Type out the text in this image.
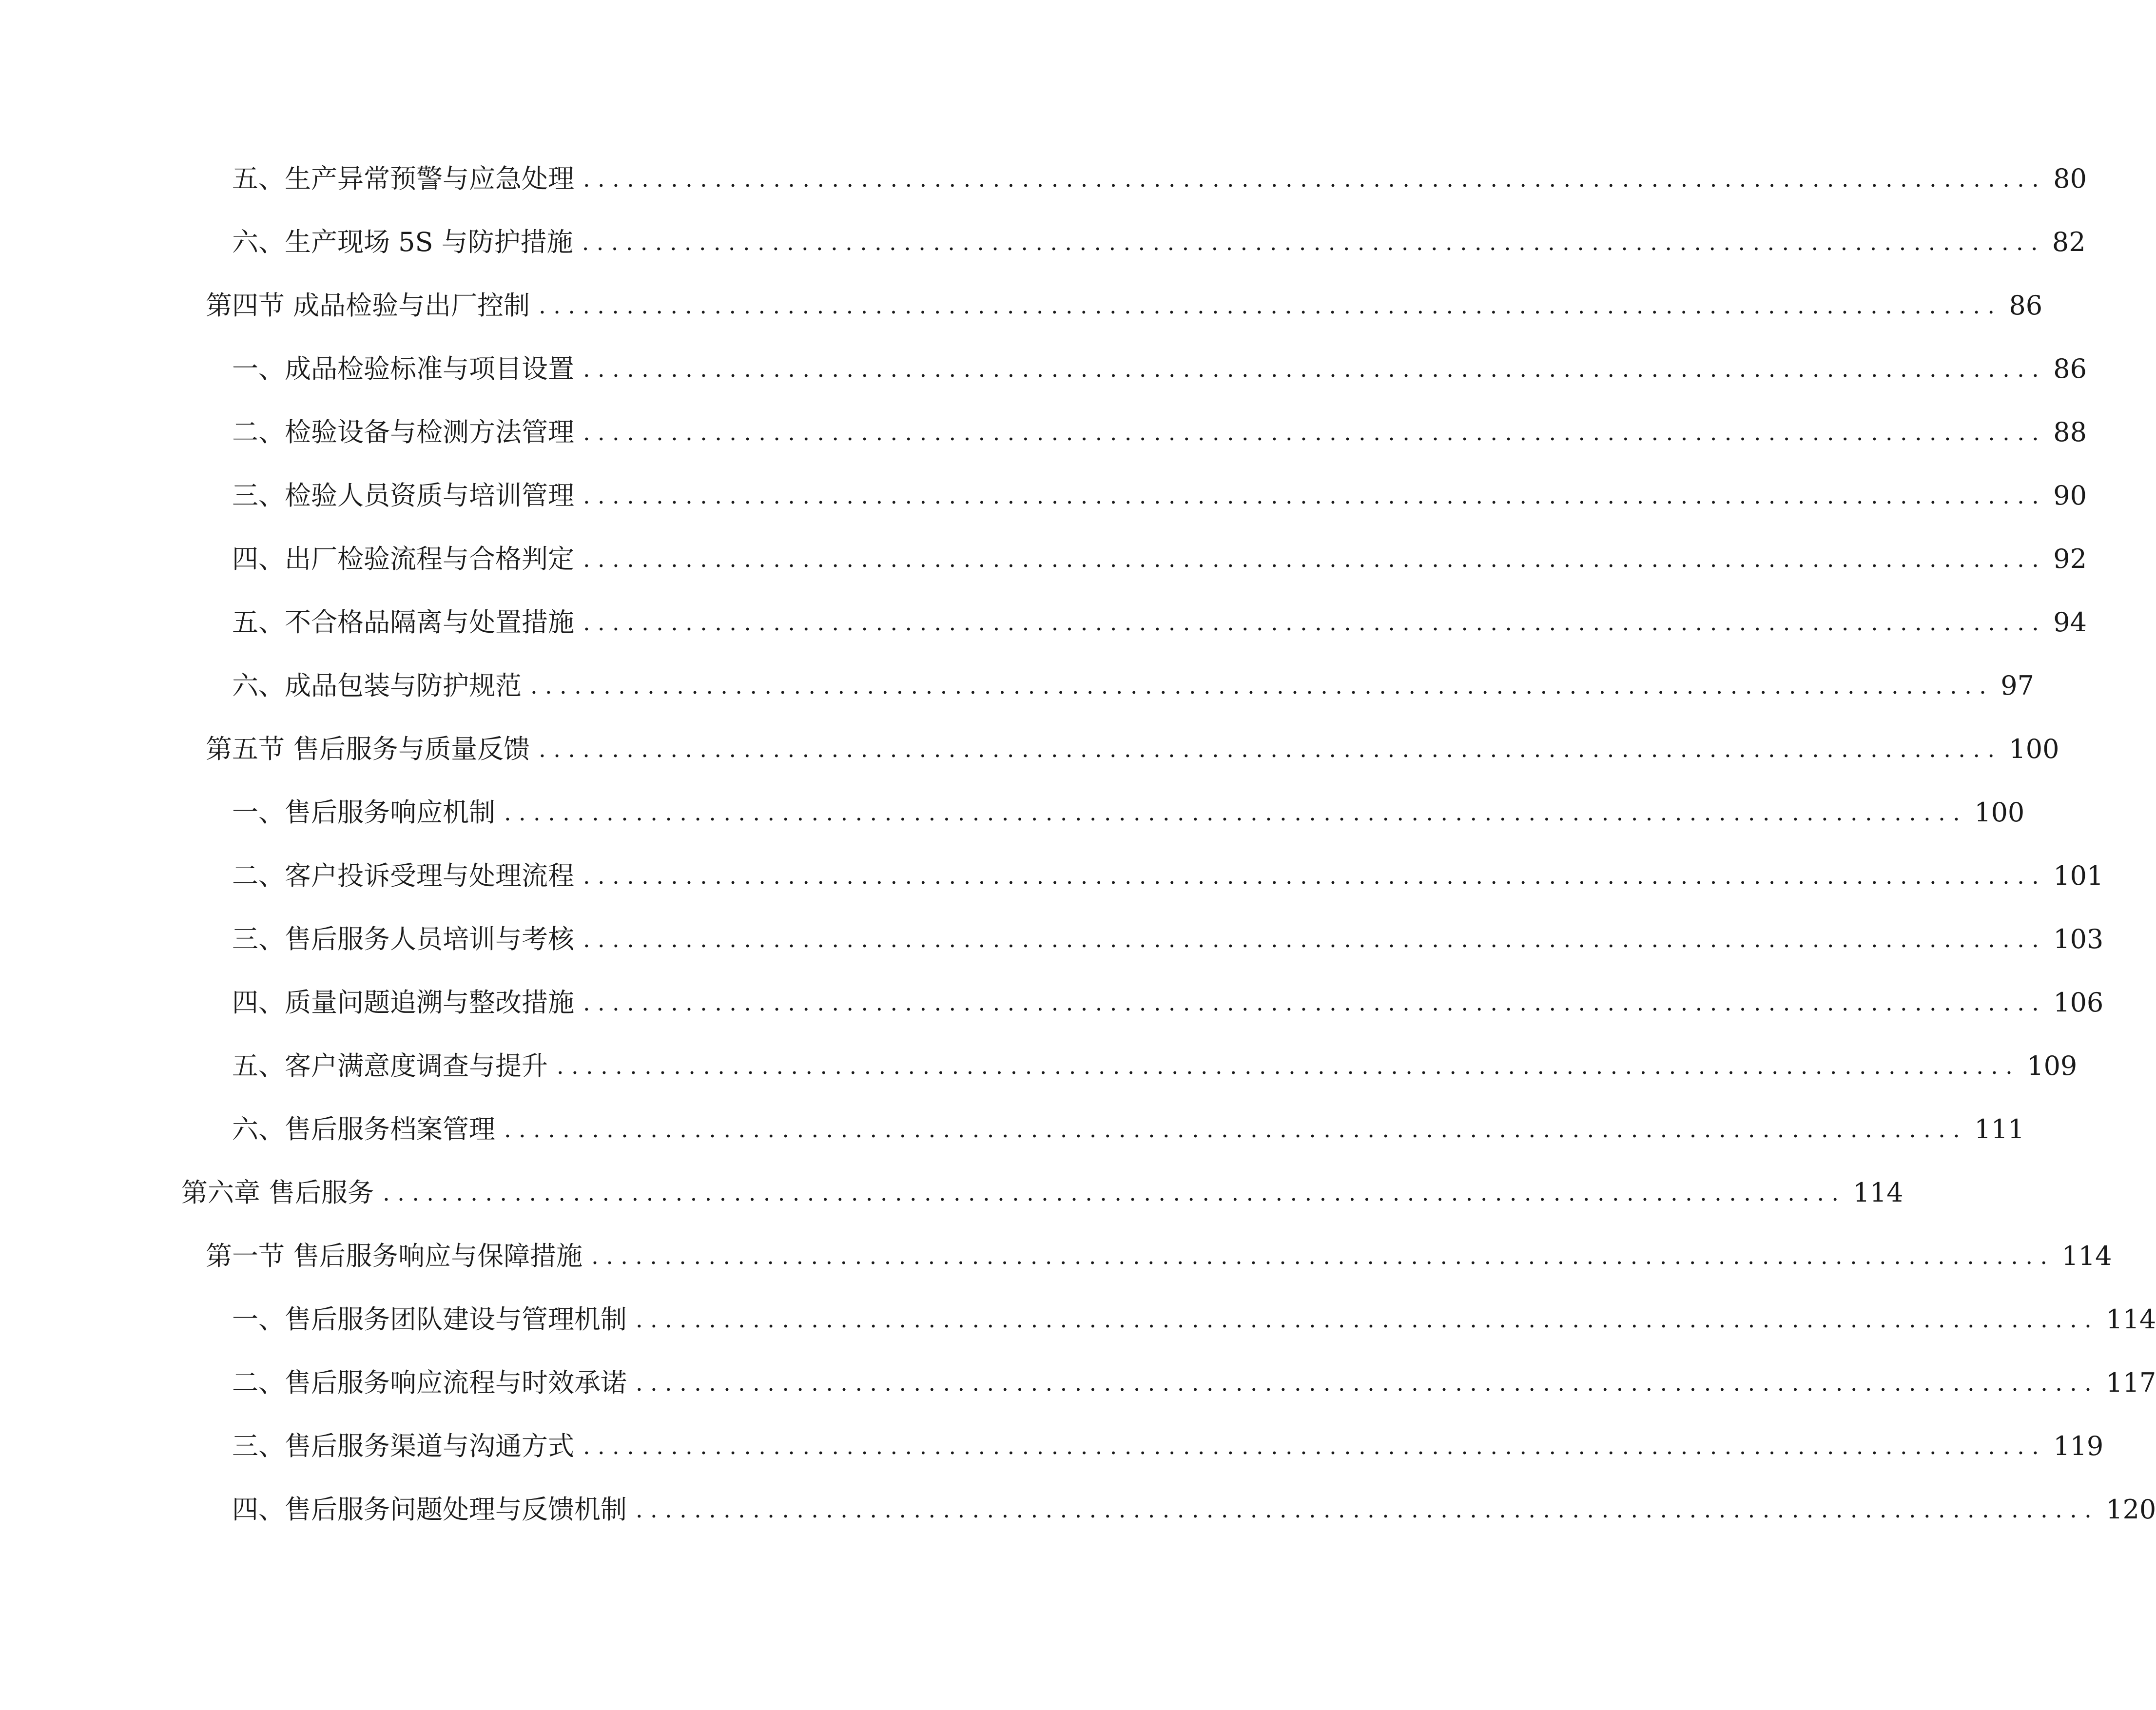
五、生产异常预警与应急处理 .................................................................................................... 80
六、生产现场 5S 与防护措施 .................................................................................................... 82
第四节 成品检验与出厂控制 .................................................................................................... 86
一、成品检验标准与项目设置 .................................................................................................... 86
二、检验设备与检测方法管理 .................................................................................................... 88
三、检验人员资质与培训管理 .................................................................................................... 90
四、出厂检验流程与合格判定 .................................................................................................... 92
五、不合格品隔离与处置措施 .................................................................................................... 94
六、成品包装与防护规范 .................................................................................................... 97
第五节 售后服务与质量反馈 .................................................................................................... 100
一、售后服务响应机制 .................................................................................................... 100
二、客户投诉受理与处理流程 .................................................................................................... 101
三、售后服务人员培训与考核 .................................................................................................... 103
四、质量问题追溯与整改措施 .................................................................................................... 106
五、客户满意度调查与提升 .................................................................................................... 109
六、售后服务档案管理 .................................................................................................... 111
第六章 售后服务 .................................................................................................... 114
第一节 售后服务响应与保障措施 .................................................................................................... 114
一、售后服务团队建设与管理机制 .................................................................................................... 114
二、售后服务响应流程与时效承诺 .................................................................................................... 117
三、售后服务渠道与沟通方式 .................................................................................................... 119
四、售后服务问题处理与反馈机制 .................................................................................................... 120
